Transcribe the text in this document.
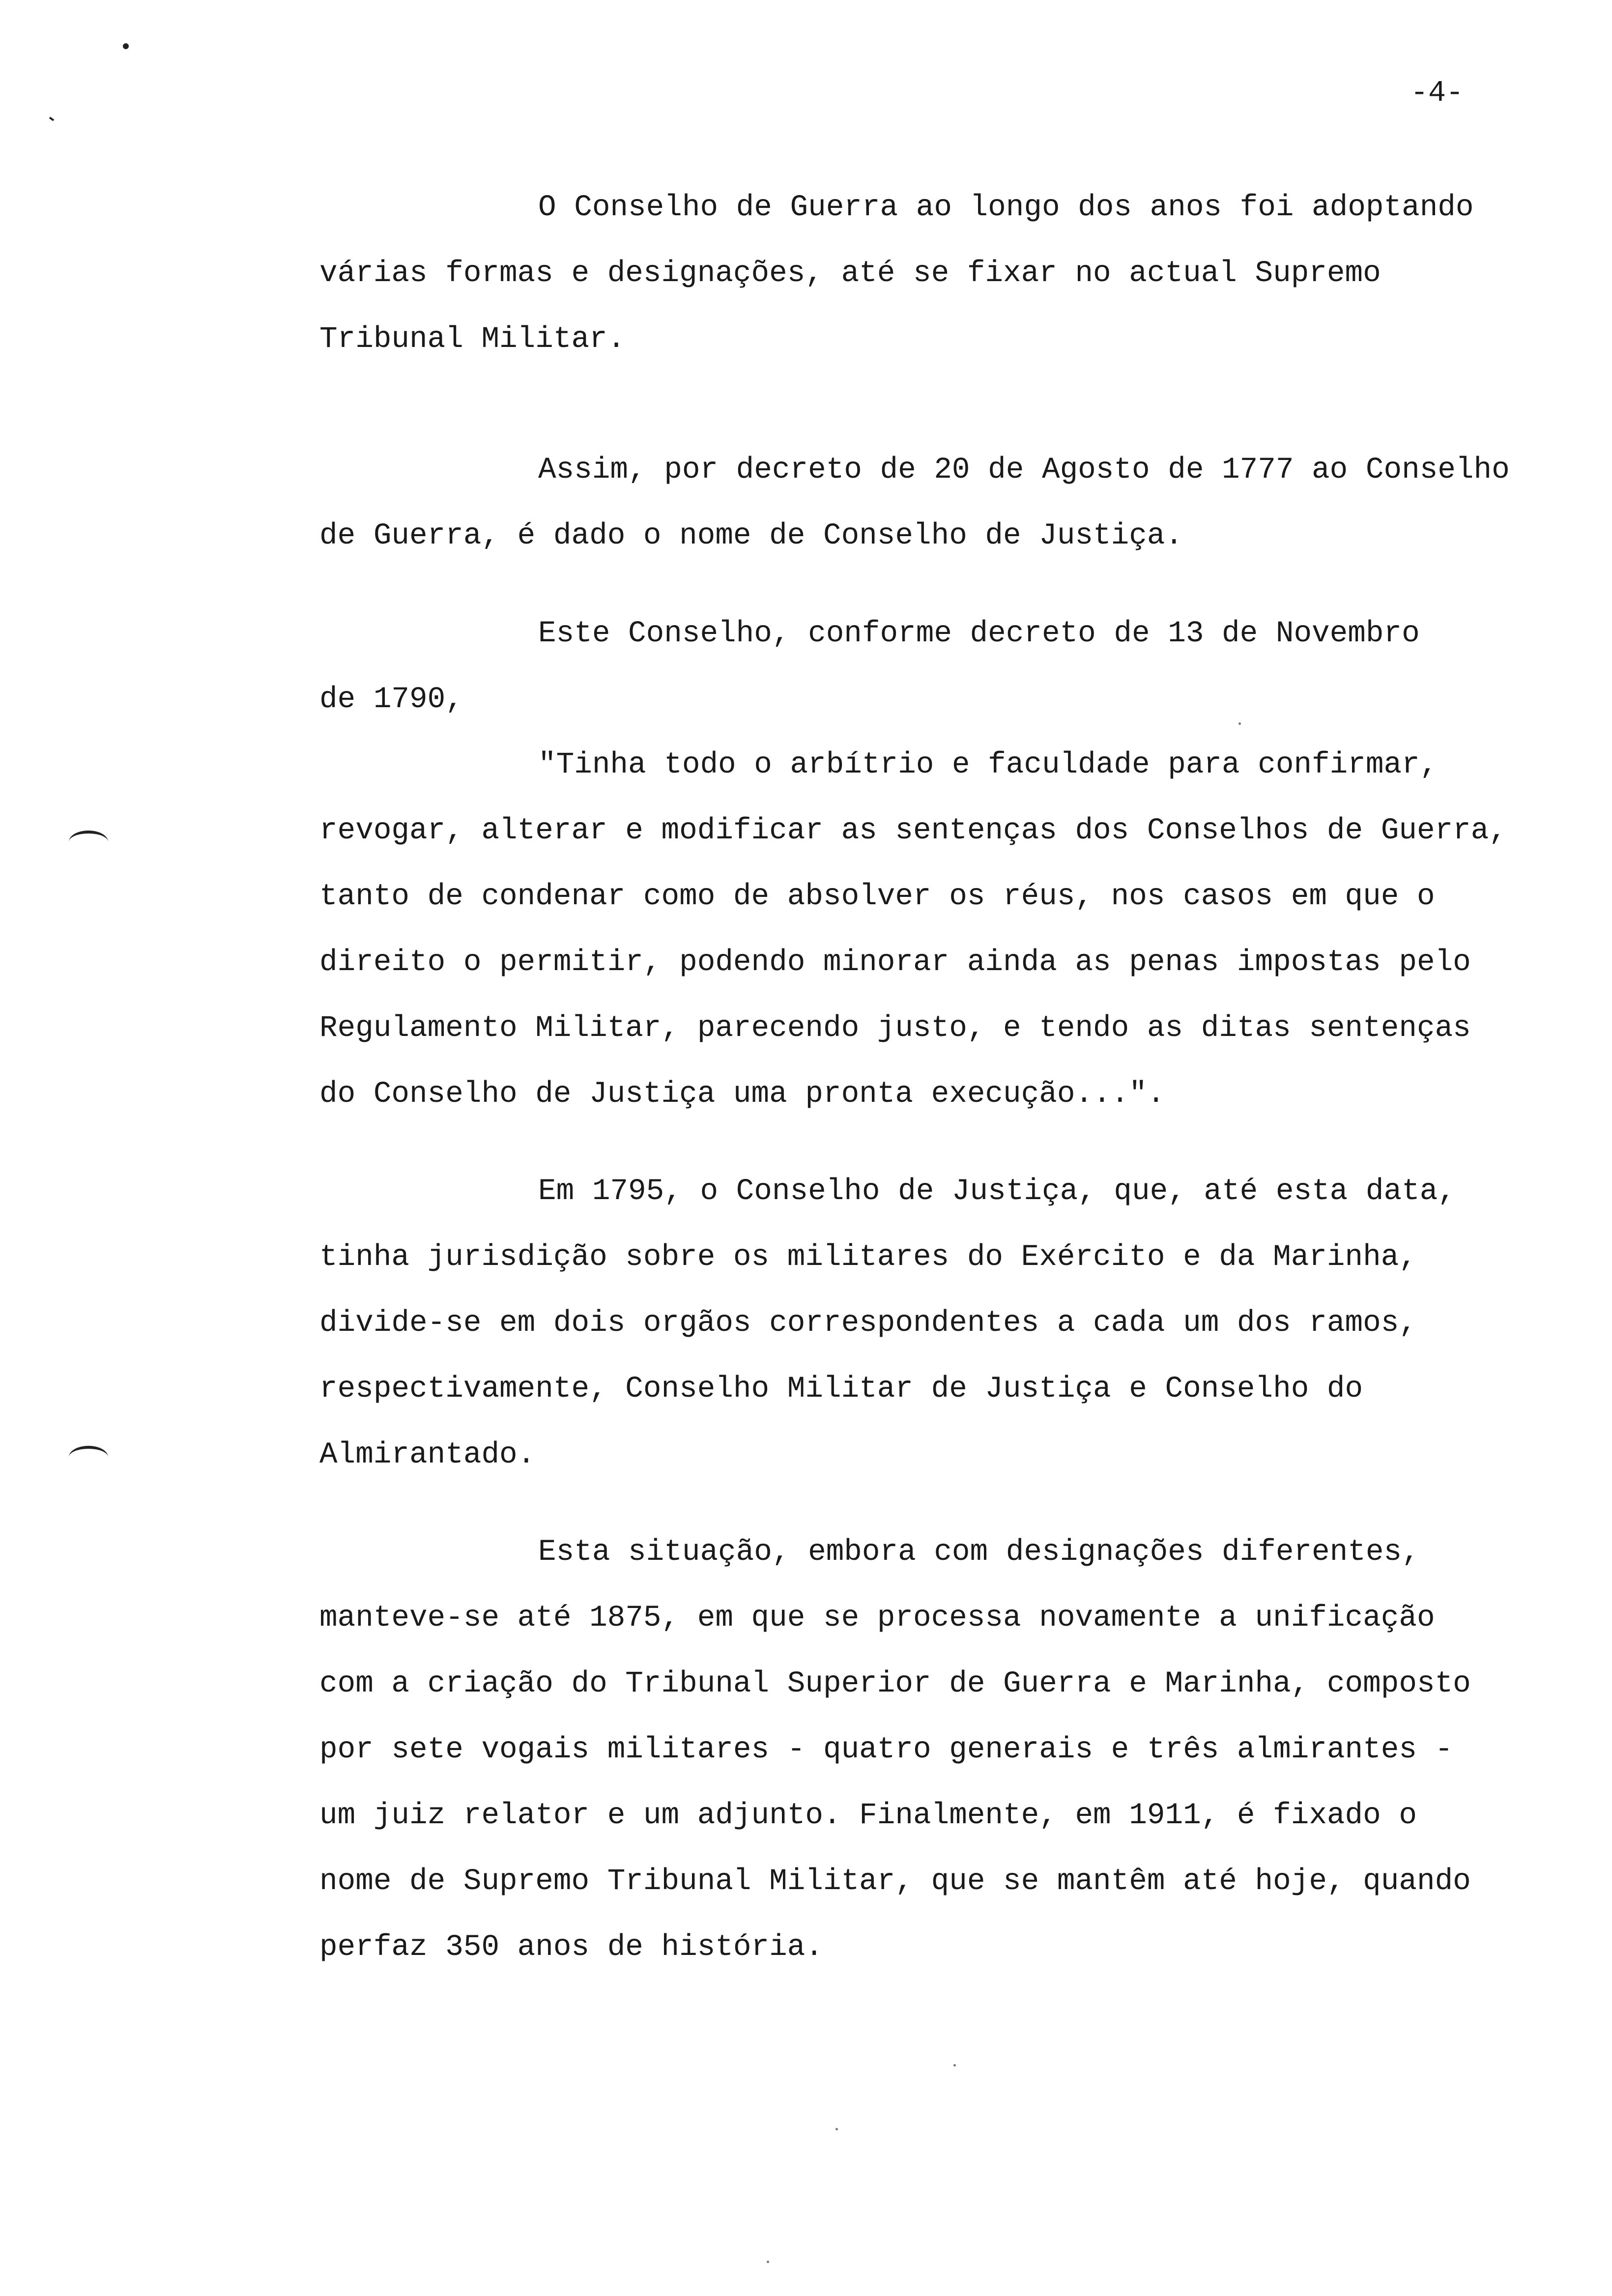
-4-
O Conselho de Guerra ao longo dos anos foi adoptando
várias formas e designações, até se fixar no actual Supremo
Tribunal Militar.
Assim, por decreto de 20 de Agosto de 1777 ao Conselho
de Guerra, é dado o nome de Conselho de Justiça.
Este Conselho, conforme decreto de 13 de Novembro
de 1790,
"Tinha todo o arbítrio e faculdade para confirmar,
revogar, alterar e modificar as sentenças dos Conselhos de Guerra,
tanto de condenar como de absolver os réus, nos casos em que o
direito o permitir, podendo minorar ainda as penas impostas pelo
Regulamento Militar, parecendo justo, e tendo as ditas sentenças
do Conselho de Justiça uma pronta execução...".
Em 1795, o Conselho de Justiça, que, até esta data,
tinha jurisdição sobre os militares do Exército e da Marinha,
divide-se em dois orgãos correspondentes a cada um dos ramos,
respectivamente, Conselho Militar de Justiça e Conselho do
Almirantado.
Esta situação, embora com designações diferentes,
manteve-se até 1875, em que se processa novamente a unificação
com a criação do Tribunal Superior de Guerra e Marinha, composto
por sete vogais militares - quatro generais e três almirantes -
um juiz relator e um adjunto. Finalmente, em 1911, é fixado o
nome de Supremo Tribunal Militar, que se mantêm até hoje, quando
perfaz 350 anos de história.
